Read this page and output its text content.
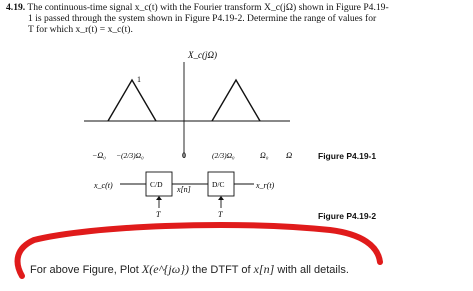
4.19. The continuous-time signal x_c(t) with the Fourier transform X_c(jΩ) shown in Figure P4.19-
1 is passed through the system shown in Figure P4.19-2. Determine the range of values for
T for which x_r(t) = x_c(t).
X_c(jΩ)
1
−Ω₀ −(2/3)Ω₀	0	(2/3)Ω₀	Ω₀ Ω
C/D	D/C
x_c(t)	x[n]	x_r(t)
T	T
Figure P4.19-1
Figure P4.19-2
For above Figure, Plot X(e^{jω}) the DTFT of x[n] with all details.
